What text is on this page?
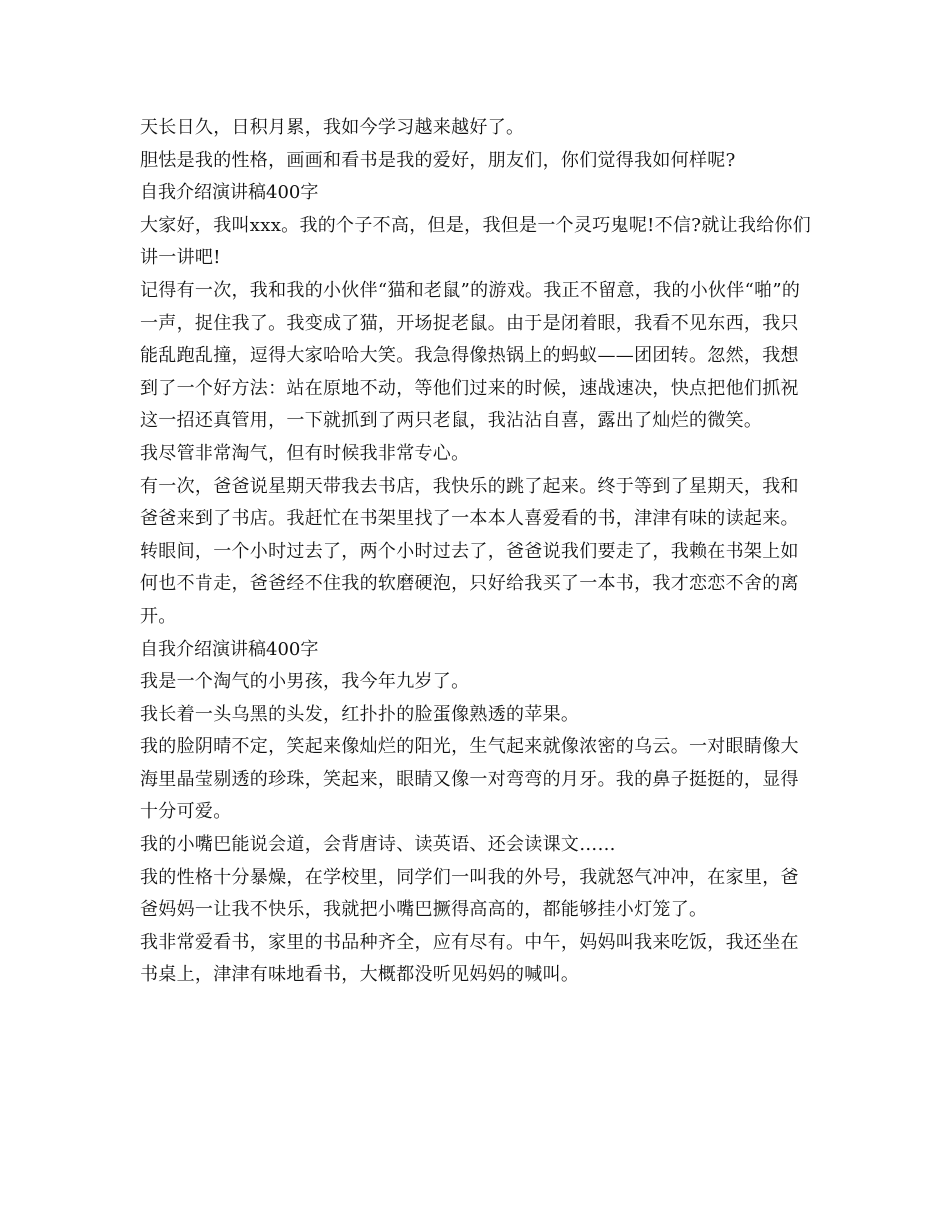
天长日久，日积月累，我如今学习越来越好了。

胆怯是我的性格，画画和看书是我的爱好，朋友们，你们觉得我如何样呢?

自我介绍演讲稿400字

大家好，我叫xxx。我的个子不高，但是，我但是一个灵巧鬼呢!不信?就让我给你们讲一讲吧!

记得有一次，我和我的小伙伴“猫和老鼠”的游戏。我正不留意，我的小伙伴“啪”的一声，捉住我了。我变成了猫，开场捉老鼠。由于是闭着眼，我看不见东西，我只能乱跑乱撞，逗得大家哈哈大笑。我急得像热锅上的蚂蚁——团团转。忽然，我想到了一个好方法：站在原地不动，等他们过来的时候，速战速决，快点把他们抓祝这一招还真管用，一下就抓到了两只老鼠，我沾沾自喜，露出了灿烂的微笑。

我尽管非常淘气，但有时候我非常专心。

有一次，爸爸说星期天带我去书店，我快乐的跳了起来。终于等到了星期天，我和爸爸来到了书店。我赶忙在书架里找了一本本人喜爱看的书，津津有味的读起来。转眼间，一个小时过去了，两个小时过去了，爸爸说我们要走了，我赖在书架上如何也不肯走，爸爸经不住我的软磨硬泡，只好给我买了一本书，我才恋恋不舍的离开。

自我介绍演讲稿400字

我是一个淘气的小男孩，我今年九岁了。

我长着一头乌黑的头发，红扑扑的脸蛋像熟透的苹果。

我的脸阴晴不定，笑起来像灿烂的阳光，生气起来就像浓密的乌云。一对眼睛像大海里晶莹剔透的珍珠，笑起来，眼睛又像一对弯弯的月牙。我的鼻子挺挺的，显得十分可爱。

我的小嘴巴能说会道，会背唐诗、读英语、还会读课文……

我的性格十分暴燥，在学校里，同学们一叫我的外号，我就怒气冲冲，在家里，爸爸妈妈一让我不快乐，我就把小嘴巴撅得高高的，都能够挂小灯笼了。

我非常爱看书，家里的书品种齐全，应有尽有。中午，妈妈叫我来吃饭，我还坐在书桌上，津津有味地看书，大概都没听见妈妈的喊叫。
